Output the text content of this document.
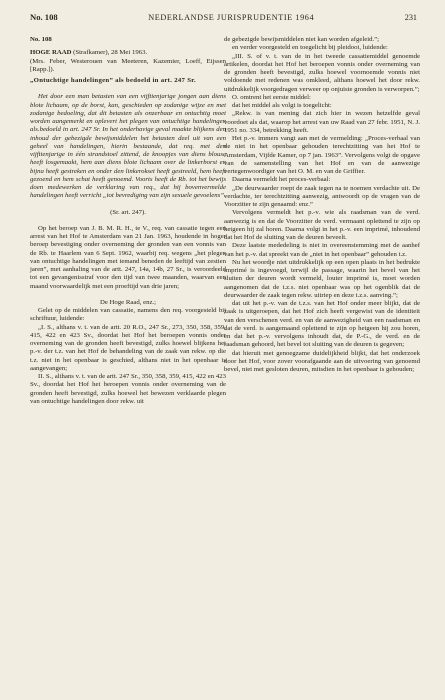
No. 108	NEDERLANDSE JURISPRUDENTIE 1964	231

No. 108

HOGE RAAD (Strafkamer), 28 Mei 1963.

(Mrs. Feber, Westerouen van Meeteren, Kazemier, Loeff, Eijssen [Rapp.]).

„Ontuchtige handelingen” als bedoeld in art. 247 Sr.

Het door een man betasten van een vijftienjarige jongen aan diens blote lichaam, op de borst, kan, geschieden op zodanige wijze en met zodanige bedoeling, dat dit betasten als onzerbaar en ontuchtig moet worden aangemerkt en oplevert het plegen van ontuchtige handelingen als.bedoeld in art. 247 Sr. In het onderhavige geval maakte blijkens den inhoud der gebezigde bewijsmiddelen het betasten deel uit van een geheel van handelingen, hierin bestaande, dat req. met den vijftienjarige in één strandstoel zittend, de knoopjes van diens blouse heeft losgemaakt, hem aan diens blote lichaam over de linkerborst en bijna heeft gestreken en onder den linkerokset heeft gestreeld, hem heeft gezoend en hem schat heeft genoemd. Voorts heeft de Rb. tot het bewijs doen medewerken de verklaring van req., dat hij bovenvermelde handelingen heeft verricht „tot bevrediging van zijn sexuele gevoelens”.

(Sr. art. 247).

Op het beroep van J. B. M. R. H., te V., req. van cassatie tegen een arrest van het Hof te Amsterdam van 21 Jan. 1963, houdende in hoger beroep bevestiging onder overneming der gronden van een vonnis van de Rb. te Haarlem van 6 Sept. 1962, waarbij req. wegens „het plegen van ontuchtige handelingen met iemand beneden de leeftijd van zestien jaren”, met aanhaling van de artt. 247, 14a, 14b, 27 Sr., is veroordeeld tot een gevangenisstraf voor den tijd van twee maanden, waarvan een maand voorwaardelijk met een proeftijd van drie jaren;

De Hoge Raad, enz.;

Gelet op de middelen van cassatie, namens den req. voorgesteld bij schriftuur, luidende:

„I. S., althans v. t. van de artt. 20 R.O., 247 Sr., 273, 350, 358, 359, 415, 422 en 423 Sv., doordat het Hof het beroepen vonnis onder overneming van de gronden heeft bevestigd, zulks hoewel blijkens het p.-v. der t.z. van het Hof de behandeling van de zaak van rekw. op die t.z. niet in het openbaar is geschied, althans niet in het openbaar is aangevangen;

II. S., althans v. t. van de artt. 247 Sr., 350, 358, 359, 415, 422 en 423 Sv., doordat het Hof het beroepen vonnis onder overneming van de gronden heeft bevestigd, zulks hoewel het bewezen verklaarde plegen van ontuchtige handelingen door rekw. uit

de gebezigde bewijsmiddelen niet kan worden afgeleid.”;

en verder voorgesteld en toegelicht bij pleidooi, luidende:

„III. S. of v. t. van de in het tweede cassatiemiddel genoemde artikelen, doordat het Hof het beroepen vonnis onder overneming van de gronden heeft bevestigd, zulks hoewel voornoemde vonnis niet voldoende met redenen was omkleed, althans hoewel het door rekw. uitdrukkelijk voorgedragen verweer op onjuiste gronden is verworpen.”;

O. omtrent het eerste middel:

dat het middel als volgt is toegelicht:

„Rekw. is van mening dat zich hier in wezen hetzelfde geval voordoet als dat, waarop het arrest van uw Raad van 27 febr. 1951, N. J. 1951 no. 334, betrekking heeft.

Het p.-v. immers vangt aan met de vermelding: „Proces-verbaal van de niet in het openbaar gehouden terechtzitting van het Hof te Amsterdam, Vijfde Kamer, op 7 jan. 1963”. Vervolgens volgt de opgave van de samenstelling van het Hof en van de aanwezige vertegenwoordiger van het O. M. en van de Griffier.

Daarna vermeldt het proces-verbaal:

„De deurwaarder roept de zaak tegen na te noemen verdachte uit. De verdachte, ter terechtzitting aanwezig, antwoordt op de vragen van de Voorzitter te zijn genaamd: enz.”

Vervolgens vermeldt het p.-v. wie als raadsman van de verd. aanwezig is en dat de Voorzitter de verd. vermaant oplettend te zijn op hetgeen hij zal horen. Daarna volgt in het p.-v. een imprimé, inhoudend dat het Hof de sluiting van de deuren beveelt.

Deze laatste mededeling is niet in overeenstemming met de aanhef van het p.-v. dat spreekt van de „niet in het openbaar” gehouden t.z.

Nu het woordje niet uitdrukkelijk op een open plaats in het bedrukte imprimé is ingevoegd, terwijl de passage, waarin het bevel van het sluiten der deuren wordt vermeld, louter imprimé is, moet worden aangenomen dat de t.z.s. niet openbaar was op het ogenblik dat de deurwaarder de zaak tegen rekw. uitriep en deze t.z.s. aanving.”;

dat uit het p.-v. van de t.z.s. van het Hof onder meer blijkt, dat de zaak is uitgeroepen, dat het Hof zich heeft vergewist van de identiteit van den verschenen verd. en van de aanwezigheid van een raadsman en dat de verd. is aangemaand oplettend te zijn op hetgeen hij zou horen, en dat het p.-v. vervolgens inhoudt dat, de P.-G., de verd. en de raadsman gehoord, het bevel tot sluiting van de deuren is gegeven;

dat hieruit met genoegzame duidelijkheid blijkt, dat het onderzoek door het Hof, voor zover voorafgaande aan de uitvoering van genoemd bevel, niet met gesloten deuren, mitsdien in het openbaar is gehouden;
